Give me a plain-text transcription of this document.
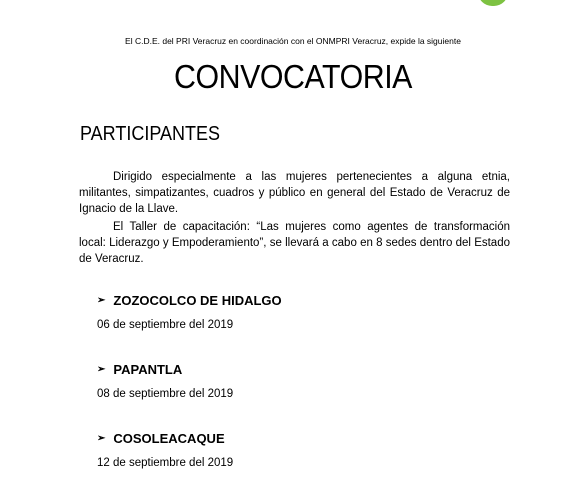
El C.D.E. del PRI Veracruz en coordinación con el ONMPRI Veracruz, expide la siguiente
CONVOCATORIA
PARTICIPANTES

Dirigido especialmente a las mujeres pertenecientes a alguna etnia, militantes, simpatizantes, cuadros y público en general del Estado de Veracruz de Ignacio de la Llave.

El Taller de capacitación: “Las mujeres como agentes de transformación local: Liderazgo y Empoderamiento”, se llevará a cabo en 8 sedes dentro del Estado de Veracruz.

➢ ZOZOCOLCO DE HIDALGO
06 de septiembre del 2019
➢ PAPANTLA
08 de septiembre del 2019
➢ COSOLEACAQUE
12 de septiembre del 2019
